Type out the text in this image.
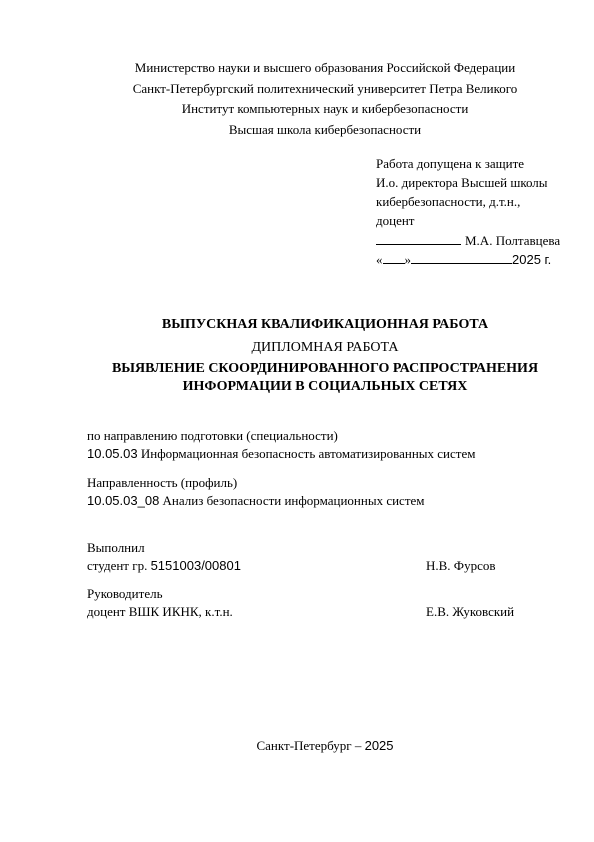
Министерство науки и высшего образования Российской Федерации
Санкт-Петербургский политехнический университет Петра Великого
Институт компьютерных наук и кибербезопасности
Высшая школа кибербезопасности
Работа допущена к защите
И.о. директора Высшей школы
кибербезопасности, д.т.н.,
доцент
М.А. Полтавцева
« »	2025 г.
ВЫПУСКНАЯ КВАЛИФИКАЦИОННАЯ РАБОТА
ДИПЛОМНАЯ РАБОТА
ВЫЯВЛЕНИЕ СКООРДИНИРОВАННОГО РАСПРОСТРАНЕНИЯ
ИНФОРМАЦИИ В СОЦИАЛЬНЫХ СЕТЯХ
по направлению подготовки (специальности)
10.05.03 Информационная безопасность автоматизированных систем
Направленность (профиль)
10.05.03_08 Анализ безопасности информационных систем
Выполнил
студент гр. 5151003/00801	Н.В. Фурсов
Руководитель
доцент ВШК ИКНК, к.т.н.	Е.В. Жуковский
Санкт-Петербург – 2025
